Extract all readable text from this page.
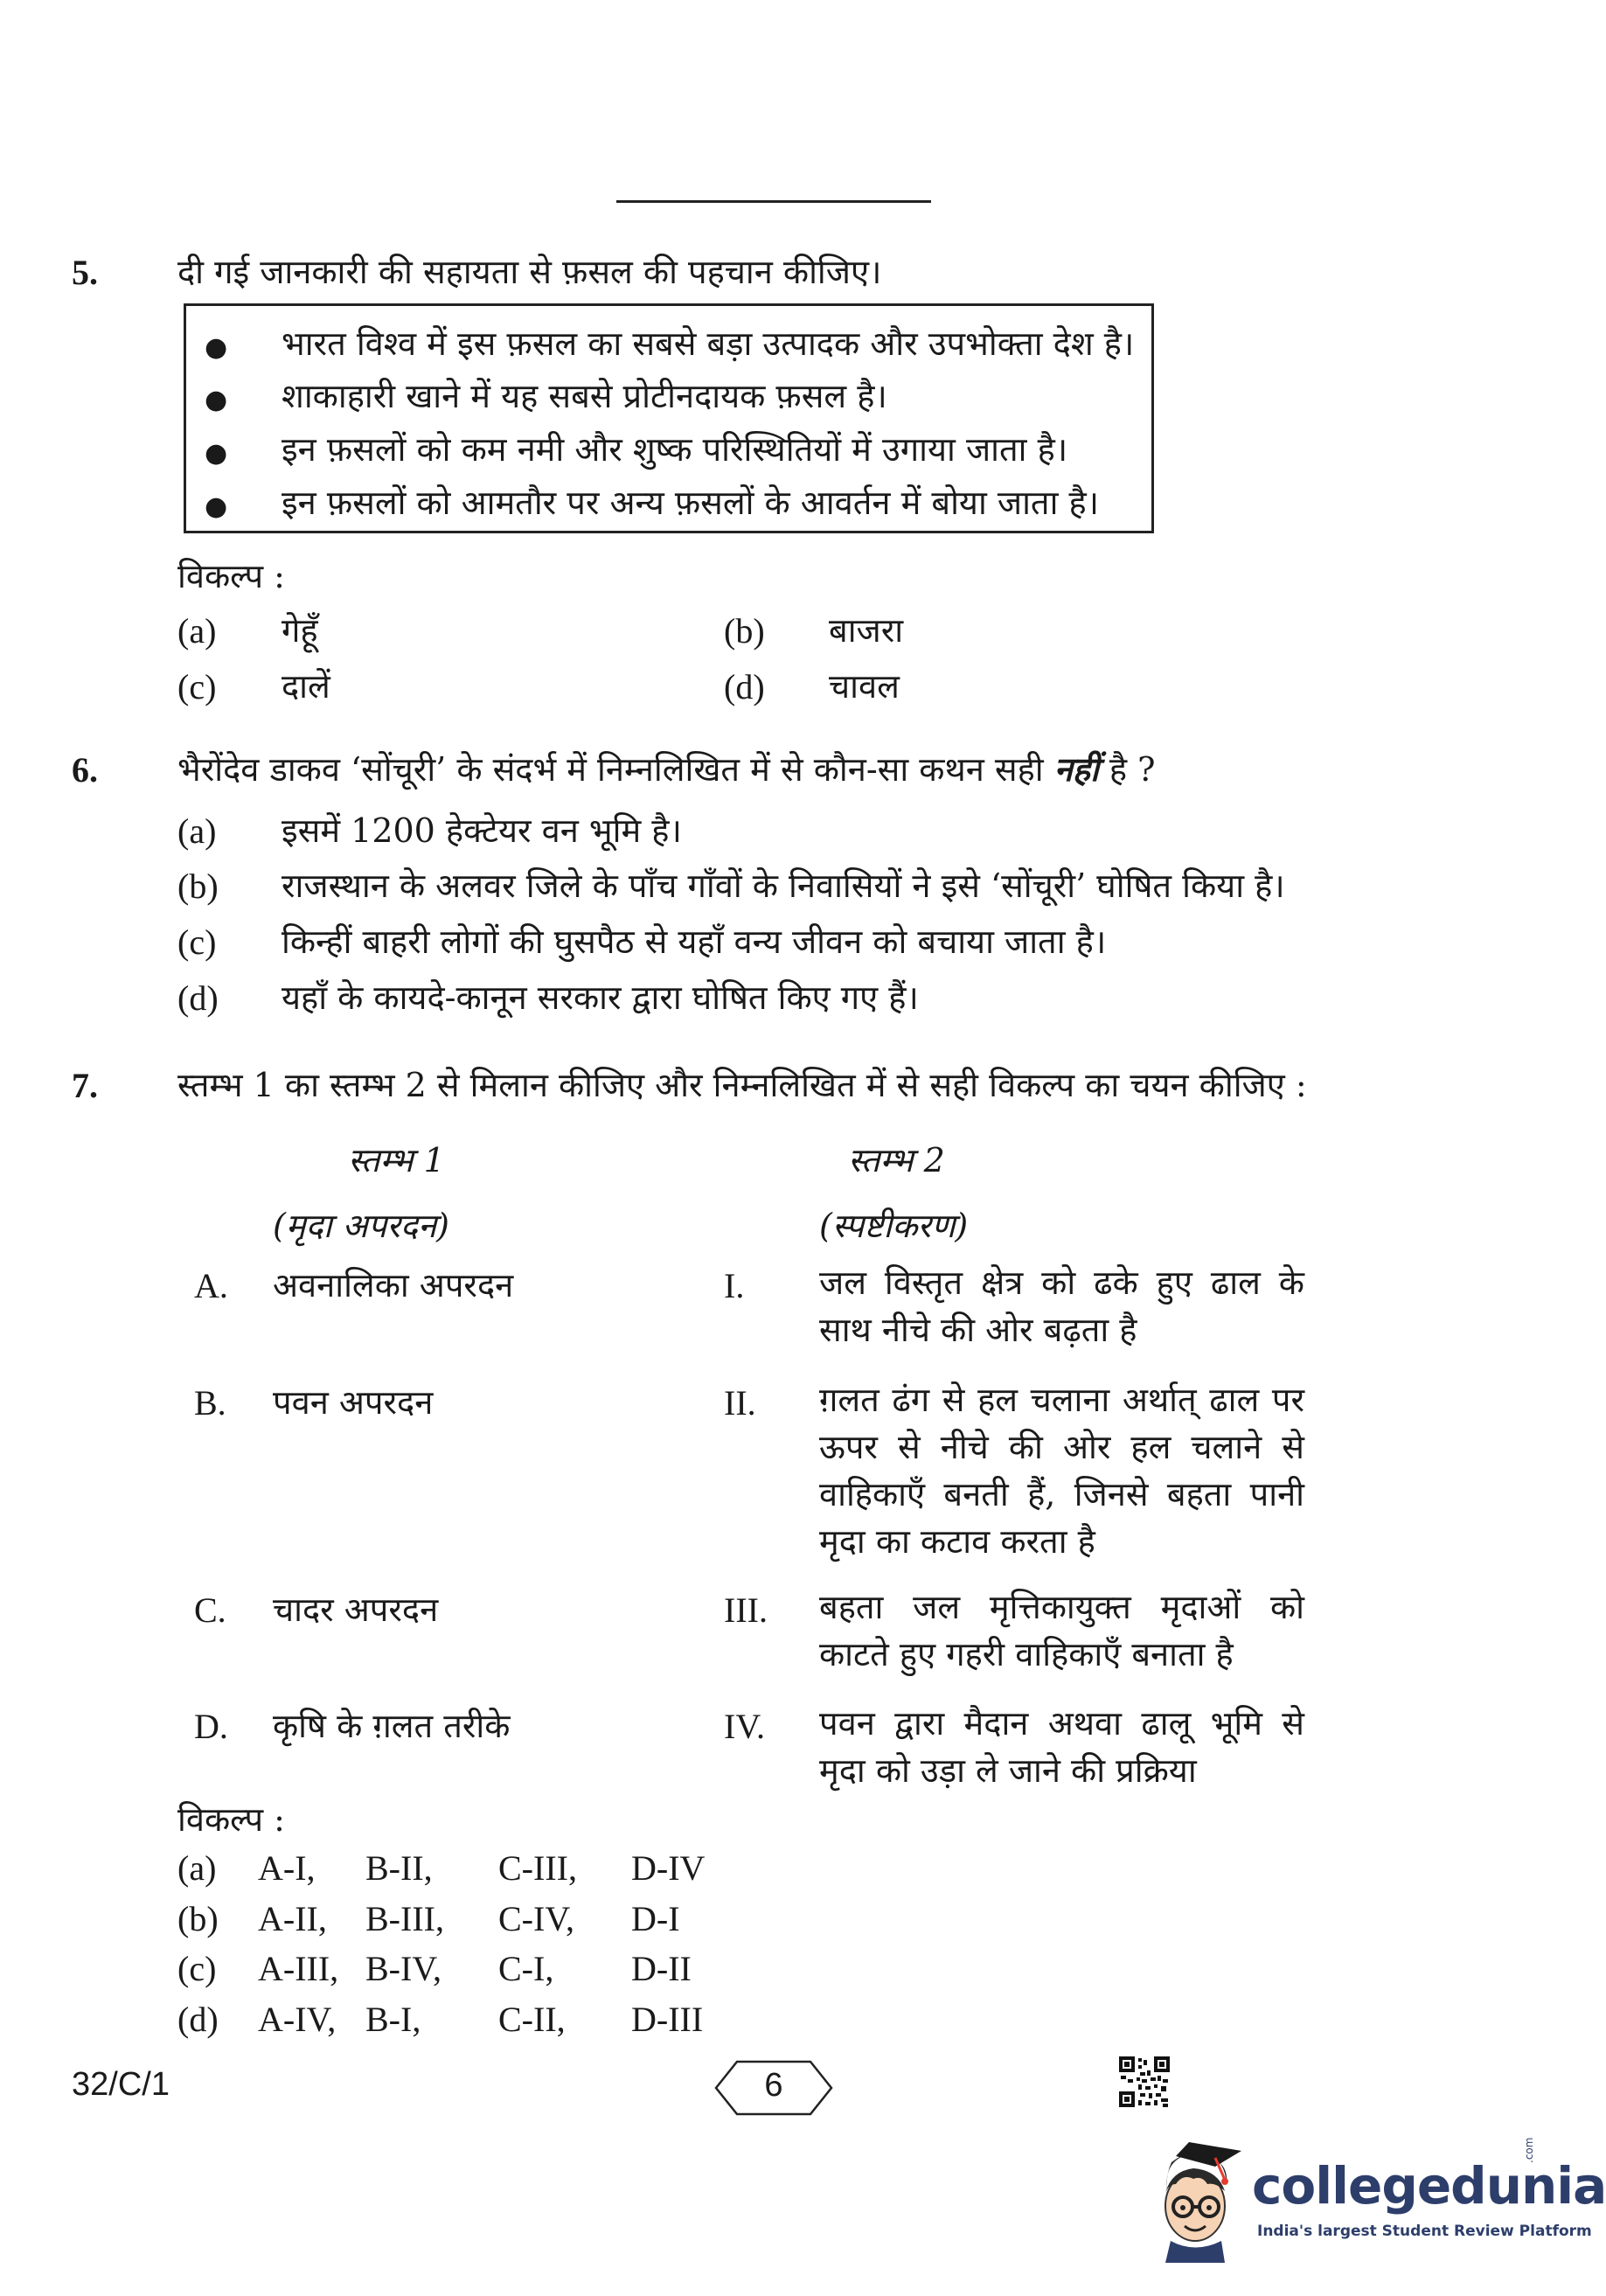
5. दी गई जानकारी की सहायता से फ़सल की पहचान कीजिए।
● भारत विश्व में इस फ़सल का सबसे बड़ा उत्पादक और उपभोक्ता देश है।
● शाकाहारी खाने में यह सबसे प्रोटीनदायक फ़सल है।
● इन फ़सलों को कम नमी और शुष्क परिस्थितियों में उगाया जाता है।
● इन फ़सलों को आमतौर पर अन्य फ़सलों के आवर्तन में बोया जाता है।
विकल्प :
(a) गेहूँ	(b) बाजरा
(c) दालें	(d) चावल
6. भैरोंदेव डाकव ‘सोंचूरी’ के संदर्भ में निम्नलिखित में से कौन-सा कथन सही नहीं है ?
(a) इसमें 1200 हेक्टेयर वन भूमि है।
(b) राजस्थान के अलवर जिले के पाँच गाँवों के निवासियों ने इसे ‘सोंचूरी’ घोषित किया है।
(c) किन्हीं बाहरी लोगों की घुसपैठ से यहाँ वन्य जीवन को बचाया जाता है।
(d) यहाँ के कायदे-कानून सरकार द्वारा घोषित किए गए हैं।
7. स्तम्भ 1 का स्तम्भ 2 से मिलान कीजिए और निम्नलिखित में से सही विकल्प का चयन कीजिए :
स्तम्भ 1
(मृदा अपरदन)
स्तम्भ 2
(स्पष्टीकरण)
A. अवनालिका अपरदन	I. जल विस्तृत क्षेत्र को ढके हुए ढाल के साथ नीचे की ओर बढ़ता है
B. पवन अपरदन	II. ग़लत ढंग से हल चलाना अर्थात् ढाल पर ऊपर से नीचे की ओर हल चलाने से वाहिकाएँ बनती हैं, जिनसे बहता पानी मृदा का कटाव करता है
C. चादर अपरदन	III. बहता जल मृत्तिकायुक्त मृदाओं को काटते हुए गहरी वाहिकाएँ बनाता है
D. कृषि के ग़लत तरीके	IV. पवन द्वारा मैदान अथवा ढालू भूमि से मृदा को उड़ा ले जाने की प्रक्रिया
विकल्प :
(a) A-I, B-II, C-III, D-IV
(b) A-II, B-III, C-IV, D-I
(c) A-III, B-IV, C-I, D-II
(d) A-IV, B-I, C-II, D-III
32/C/1	6
collegedunia
.com
India's largest Student Review Platform
